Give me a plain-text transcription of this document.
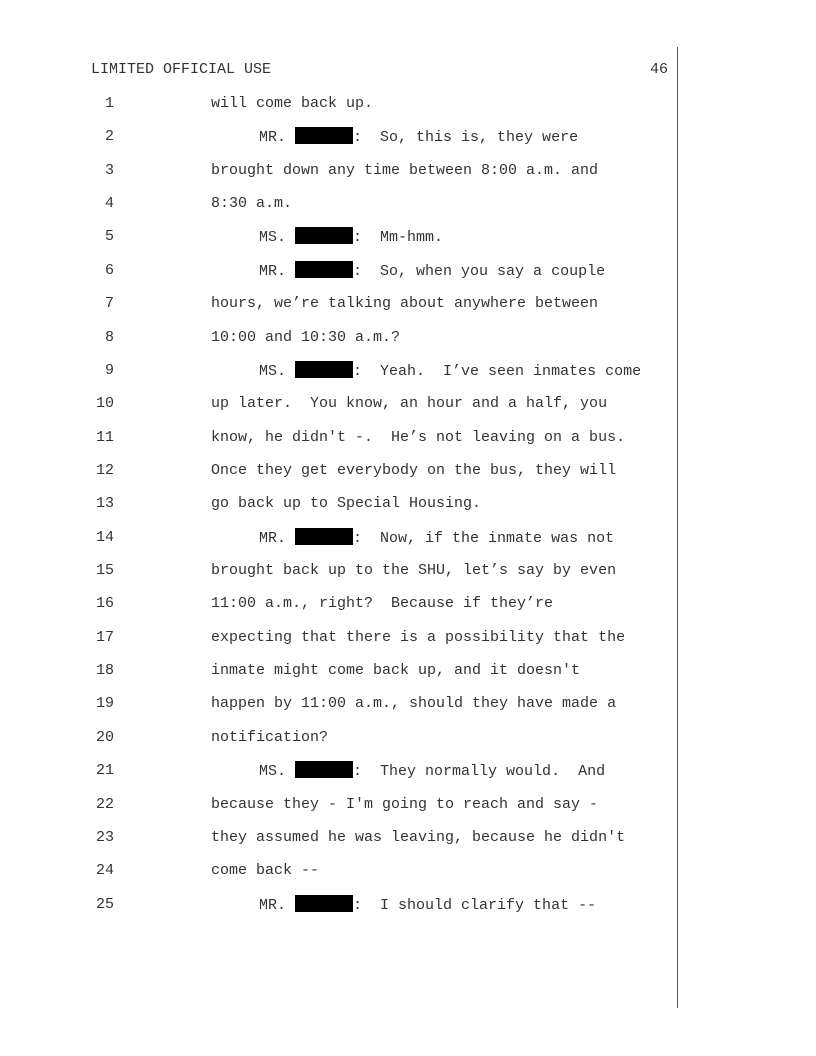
LIMITED OFFICIAL USE	46
1	will come back up.
2	MR.	:  So, this is, they were
3	brought down any time between 8:00 a.m. and
4	8:30 a.m.
5	MS.	:  Mm-hmm.
6	MR.	:  So, when you say a couple
7	hours, we’re talking about anywhere between
8	10:00 and 10:30 a.m.?
9	MS.	:  Yeah.  I’ve seen inmates come
10	up later.  You know, an hour and a half, you
11	know, he didn't -.  He’s not leaving on a bus.
12	Once they get everybody on the bus, they will
13	go back up to Special Housing.
14	MR.	:  Now, if the inmate was not
15	brought back up to the SHU, let’s say by even
16	11:00 a.m., right?  Because if they’re
17	expecting that there is a possibility that the
18	inmate might come back up, and it doesn't
19	happen by 11:00 a.m., should they have made a
20	notification?
21	MS.	:  They normally would.  And
22	because they - I'm going to reach and say -
23	they assumed he was leaving, because he didn't
24	come back --
25	MR.	:  I should clarify that --
